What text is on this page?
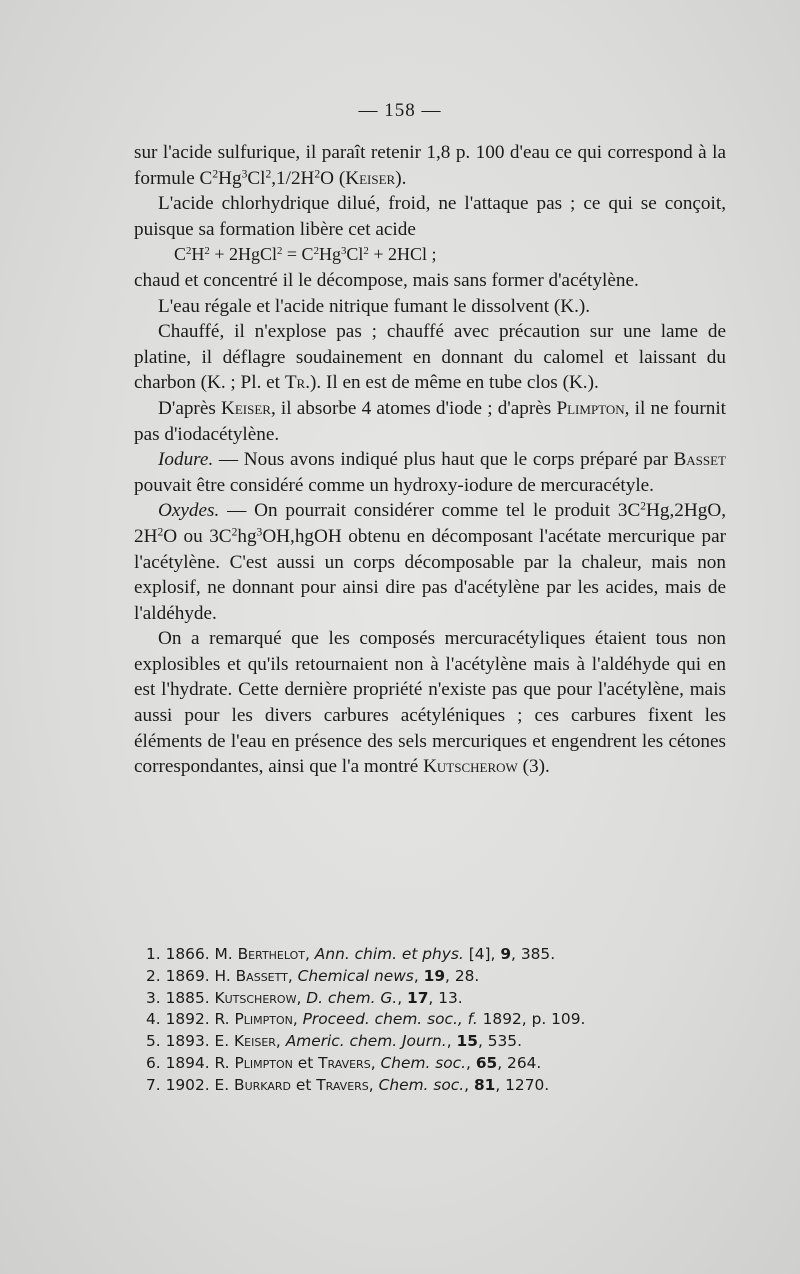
— 158 —

sur l'acide sulfurique, il paraît retenir 1,8 p. 100 d'eau ce qui correspond à la formule $C^2Hg^3Cl^2,1/2H^2O$ (Keiser).

L'acide chlorhydrique dilué, froid, ne l'attaque pas ; ce qui se conçoit, puisque sa formation libère cet acide

$C^2H^2$ + 2HgCl$^2$ = $C^2Hg^3Cl^2 + 2HCl$ ;

chaud et concentré il le décompose, mais sans former d'acétylène.

L'eau régale et l'acide nitrique fumant le dissolvent (K.).

Chauffé, il n'explose pas ; chauffé avec précaution sur une lame de platine, il déflagre soudainement en donnant du calomel et laissant du charbon (K. ; Pl. et Tr.). Il en est de même en tube clos (K.).

D'après Keiser, il absorbe 4 atomes d'iode ; d'après Plimpton, il ne fournit pas d'iodacétylène.

Iodure. — Nous avons indiqué plus haut que le corps préparé par Basset pouvait être considéré comme un hydroxy-iodure de mercuracétyle.

Oxydes. — On pourrait considérer comme tel le produit $3C^2Hg,2HgO$, $2H^2O$ ou $3C^2hg^3OH,hgOH$ obtenu en décomposant l'acétate mercurique par l'acétylène. C'est aussi un corps décomposable par la chaleur, mais non explosif, ne donnant pour ainsi dire pas d'acétylène par les acides, mais de l'aldéhyde.

On a remarqué que les composés mercuracétyliques étaient tous non explosibles et qu'ils retournaient non à l'acétylène mais à l'aldéhyde qui en est l'hydrate. Cette dernière propriété n'existe pas que pour l'acétylène, mais aussi pour les divers carbures acétyléniques ; ces carbures fixent les éléments de l'eau en présence des sels mercuriques et engendrent les cétones correspondantes, ainsi que l'a montré Kutscherow (3).

1. 1866. M. Berthelot, Ann. chim. et phys. [4], 9, 385.
2. 1869. H. Bassett, Chemical news, 19, 28.
3. 1885. Kutscherow, D. chem. G., 17, 13.
4. 1892. R. Plimpton, Proceed. chem. soc., f. 1892, p. 109.
5. 1893. E. Keiser, Americ. chem. Journ., 15, 535.
6. 1894. R. Plimpton et Travers, Chem. soc., 65, 264.
7. 1902. E. Burkard et Travers, Chem. soc., 81, 1270.
